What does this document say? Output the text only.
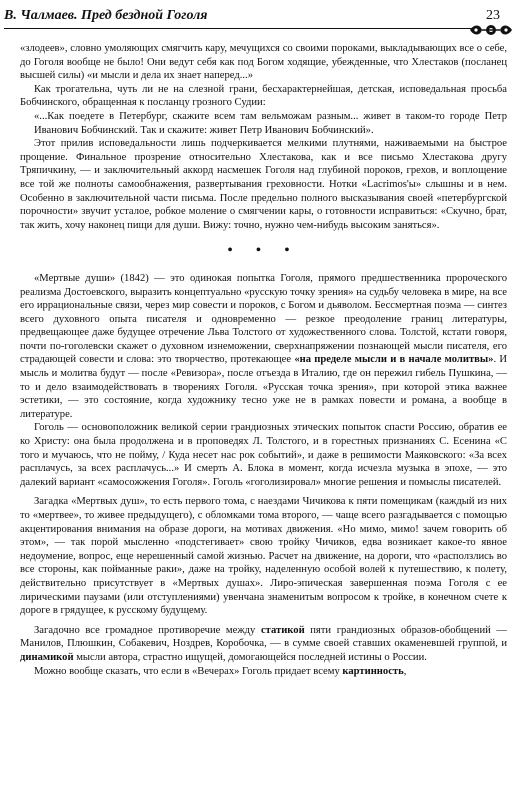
В. Чалмаев. Пред бездной Гоголя	23

«злодеев», словно умоляющих смягчить кару, мечущихся со своими пороками, выкладывающих все о себе, до Гоголя вообще не было! Они ведут себя как под Богом ходящие, убежденные, что Хлестаков (посланец высшей силы) «и мысли и дела их знает наперед...»

Как трогательна, чуть ли не на слезной грани, бесхарактернейшая, детская, исповедальная просьба Бобчинского, обращенная к посланцу грозного Судии:

«...Как поедете в Петербург, скажите всем там вельможам разным... живет в таком-то городе Петр Иванович Бобчинский. Так и скажите: живет Петр Иванович Бобчинский».

Этот прилив исповедальности лишь подчеркивается мелкими плутнями, наживаемыми на быстрое прощение. Финальное прозрение относительно Хлестакова, как и все письмо Хлестакова другу Тряпичкину, — и заключительный аккорд насмешек Гоголя над глубиной пороков, грехов, и воплощение все той же полноты самообнажения, развертывания греховности. Нотки «Lacrimos'ы» слышны и в нем. Особенно в заключительной части письма. После предельно полного высказывания своей «петербургской порочности» звучит усталое, робкое моление о смягчении кары, о готовности исправиться: «Скучно, брат, так жить, хочу наконец пищи для души. Вижу: точно, нужно чем-нибудь высоким заняться».

• • •

«Мертвые души» (1842) — это одинокая попытка Гоголя, прямого предшественника пророческого реализма Достоевского, выразить концептуально «русскую точку зрения» на судьбу человека в мире, на все его иррациональные связи, через мир совести и пороков, с Богом и дьяволом. Бессмертная поэма — синтез всего духовного опыта писателя и одновременно — резкое преодоление границ литературы, предвещающее даже будущее отречение Льва Толстого от художественного слова. Толстой, кстати говоря, почти по-гоголевски скажет о духовном изнеможении, сверхнапряжении познающей мысли писателя, его страдающей совести и слова: это творчество, протекающее «на пределе мысли и в начале молитвы». И мысль и молитва будут — после «Ревизора», после отъезда в Италию, где он пережил гибель Пушкина, — то и дело взаимодействовать в творениях Гоголя. «Русская точка зрения», при которой этика важнее эстетики, — это состояние, когда художнику тесно уже не в рамках повести и романа, а вообще в литературе.

Гоголь — основоположник великой серии грандиозных этических попыток спасти Россию, обратив ее ко Христу: она была продолжена и в проповедях Л. Толстого, и в горестных признаниях С. Есенина «С того и мучаюсь, что не пойму, / Куда несет нас рок событий», и даже в решимости Маяковского: «За всех расплачусь, за всех расплачусь...» И смерть А. Блока в момент, когда исчезла музыка в эпохе, — это далекий вариант «самосожжения Гоголя». Гоголь «гоголизировал» многие решения и помыслы писателей.

Загадка «Мертвых душ», то есть первого тома, с наездами Чичикова к пяти помещикам (каждый из них то «мертвее», то живее предыдущего), с обломками тома второго, — чаще всего разгадывается с помощью акцентирования внимания на образе дороги, на мотивах движения. «Но мимо, мимо! зачем говорить об этом», — так порой мысленно «подстегивает» свою тройку Чичиков, едва возникает какое-то явное недоумение, вопрос, еще нерешенный самой жизнью. Расчет на движение, на дороги, что «расползлись во все стороны, как пойманные раки», даже на тройку, наделенную особой волей к путешествию, к полету, действительно присутствует в «Мертвых душах». Лиро-эпическая завершенная поэма Гоголя с ее лирическими паузами (или отступлениями) увенчана знаменитым вопросом к тройке, в конечном счете к дороге в грядущее, к русскому будущему.

Загадочно все громадное противоречие между статикой пяти грандиозных образов-обобщений — Манилов, Плюшкин, Собакевич, Ноздрев, Коробочка, — в сумме своей ставших окаменевшей группой, и динамикой мысли автора, страстно ищущей, домогающейся последней истины о России.

Можно вообще сказать, что если в «Вечерах» Гоголь придает всему картинность,
